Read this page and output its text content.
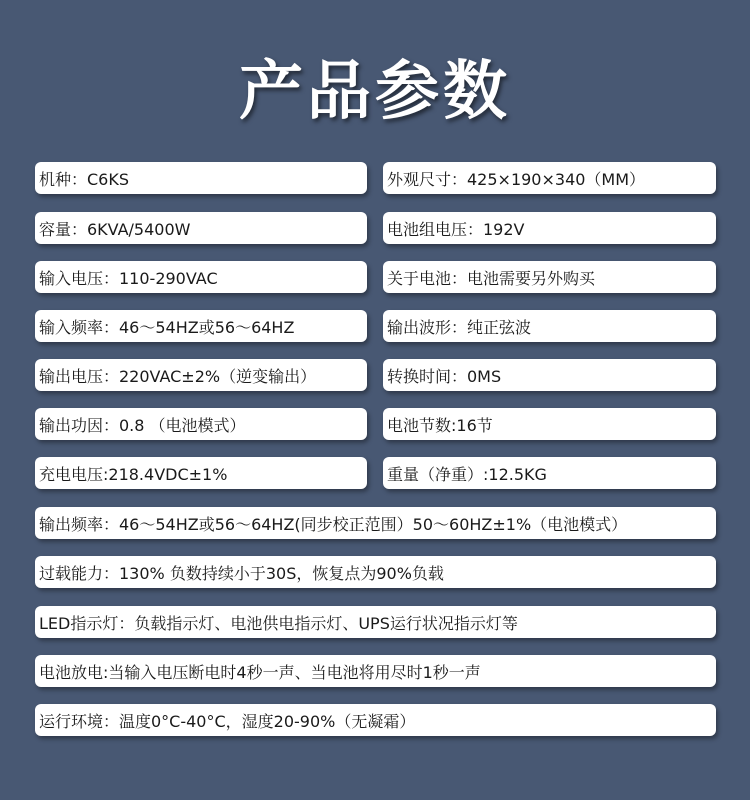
产品参数
机种：C6KS	外观尺寸：425×190×340（MM）
容量：6KVA/5400W	电池组电压：192V
输入电压：110-290VAC	关于电池：电池需要另外购买
输入频率：46～54HZ或56～64HZ	输出波形：纯正弦波
输出电压：220VAC±2%（逆变输出）	转换时间：0MS
输出功因：0.8 （电池模式）	电池节数:16节
充电电压:218.4VDC±1%	重量（净重）:12.5KG
输出频率：46～54HZ或56～64HZ(同步校正范围）50～60HZ±1%（电池模式）
过载能力：130% 负数持续小于30S，恢复点为90%负载
LED指示灯：负载指示灯、电池供电指示灯、UPS运行状况指示灯等
电池放电:当输入电压断电时4秒一声、当电池将用尽时1秒一声
运行环境：温度0°C-40°C，湿度20-90%（无凝霜）
